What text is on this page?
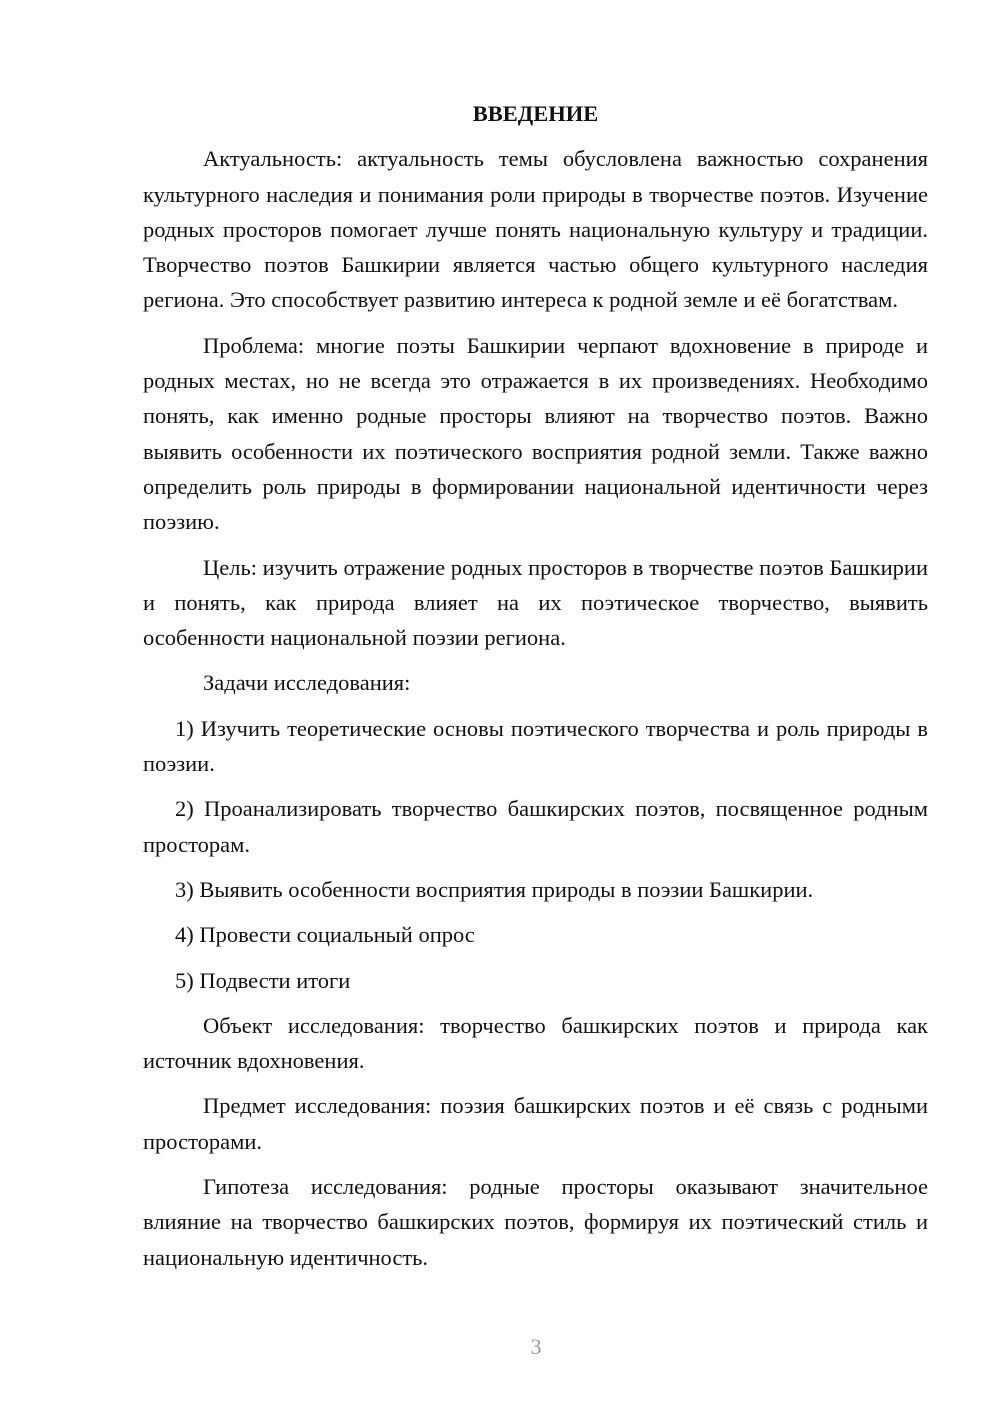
ВВЕДЕНИЕ

Актуальность: актуальность темы обусловлена важностью сохранения культурного наследия и понимания роли природы в творчестве поэтов. Изучение родных просторов помогает лучше понять национальную культуру и традиции. Творчество поэтов Башкирии является частью общего культурного наследия региона. Это способствует развитию интереса к родной земле и её богатствам.

Проблема: многие поэты Башкирии черпают вдохновение в природе и родных местах, но не всегда это отражается в их произведениях. Необходимо понять, как именно родные просторы влияют на творчество поэтов. Важно выявить особенности их поэтического восприятия родной земли. Также важно определить роль природы в формировании национальной идентичности через поэзию.

Цель: изучить отражение родных просторов в творчестве поэтов Башкирии и понять, как природа влияет на их поэтическое творчество, выявить особенности национальной поэзии региона.

Задачи исследования:

1) Изучить теоретические основы поэтического творчества и роль природы в поэзии.

2) Проанализировать творчество башкирских поэтов, посвященное родным просторам.

3) Выявить особенности восприятия природы в поэзии Башкирии.

4) Провести социальный опрос

5) Подвести итоги

Объект исследования: творчество башкирских поэтов и природа как источник вдохновения.

Предмет исследования: поэзия башкирских поэтов и её связь с родными просторами.

Гипотеза исследования: родные просторы оказывают значительное влияние на творчество башкирских поэтов, формируя их поэтический стиль и национальную идентичность.

3
